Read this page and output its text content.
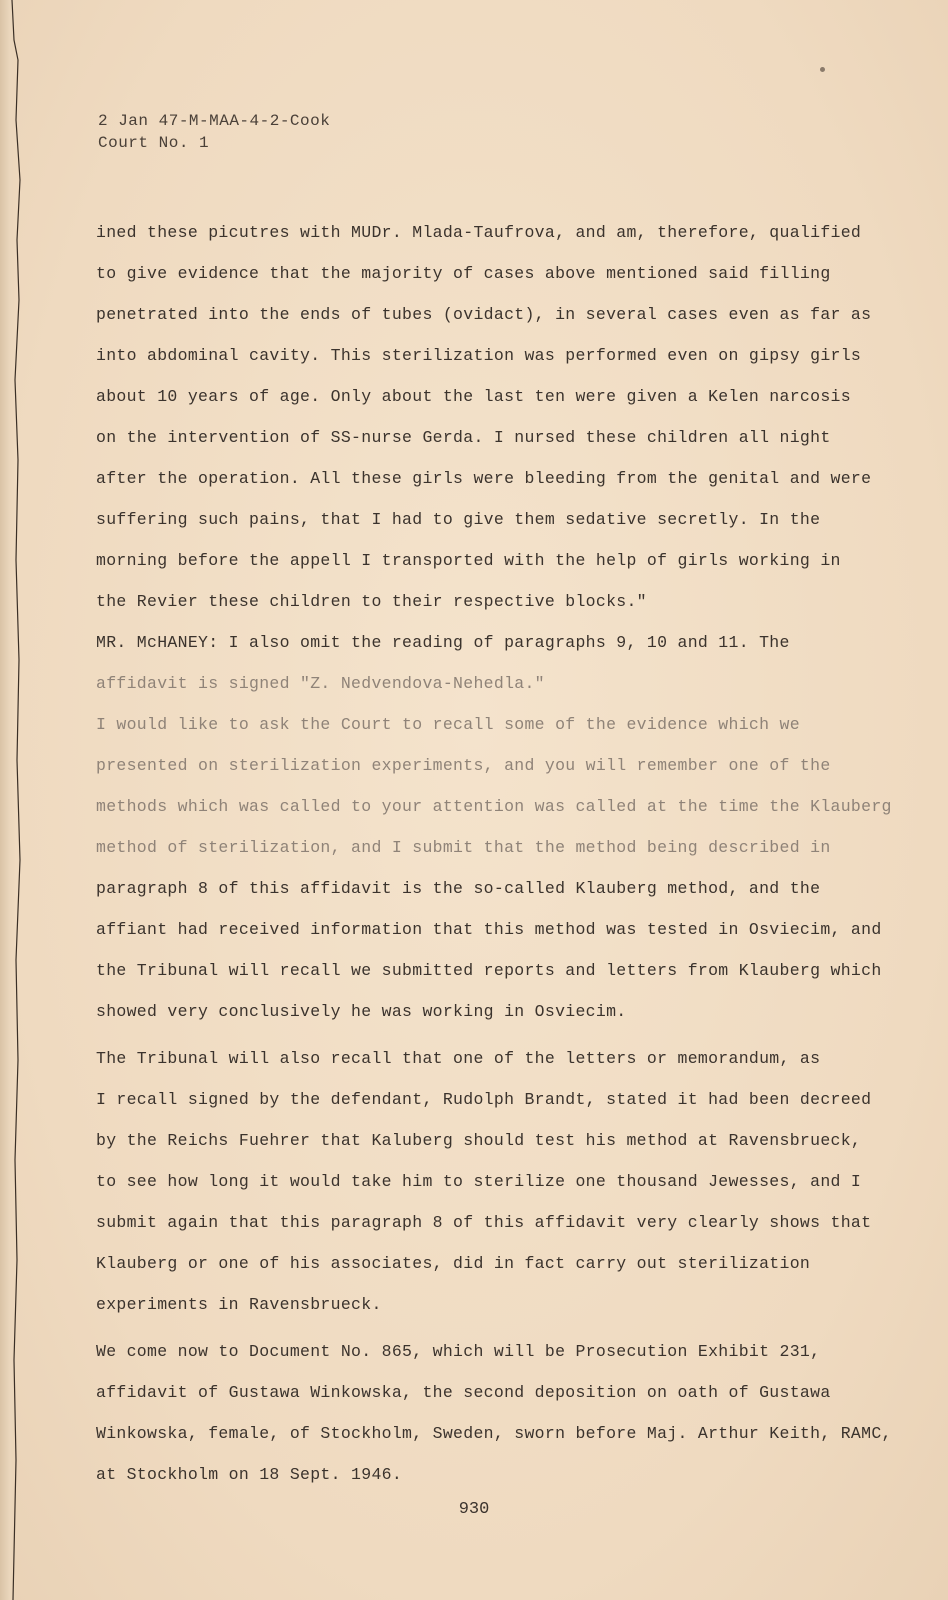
2 Jan 47-M-MAA-4-2-Cook
Court No. 1
ined these picutres with MUDr. Mlada-Taufrova, and am, therefore, qualified
to give evidence that the majority of cases above mentioned said filling
penetrated into the ends of tubes (ovidact), in several cases even as far as
into abdominal cavity. This sterilization was performed even on gipsy girls
about 10 years of age. Only about the last ten were given a Kelen narcosis
on the intervention of SS-nurse Gerda. I nursed these children all night
after the operation. All these girls were bleeding from the genital and were
suffering such pains, that I had to give them sedative secretly. In the
morning before the appell I transported with the help of girls working in
the Revier these children to their respective blocks."
MR. McHANEY: I also omit the reading of paragraphs 9, 10 and 11. The
affidavit is signed "Z. Nedvendova-Nehedla."
I would like to ask the Court to recall some of the evidence which we
presented on sterilization experiments, and you will remember one of the
methods which was called to your attention was called at the time the Klauberg
method of sterilization, and I submit that the method being described in
paragraph 8 of this affidavit is the so-called Klauberg method, and the
affiant had received information that this method was tested in Osviecim, and
the Tribunal will recall we submitted reports and letters from Klauberg which
showed very conclusively he was working in Osviecim.
The Tribunal will also recall that one of the letters or memorandum, as
I recall signed by the defendant, Rudolph Brandt, stated it had been decreed
by the Reichs Fuehrer that Kaluberg should test his method at Ravensbrueck,
to see how long it would take him to sterilize one thousand Jewesses, and I
submit again that this paragraph 8 of this affidavit very clearly shows that
Klauberg or one of his associates, did in fact carry out sterilization
experiments in Ravensbrueck.
We come now to Document No. 865, which will be Prosecution Exhibit 231,
affidavit of Gustawa Winkowska, the second deposition on oath of Gustawa
Winkowska, female, of Stockholm, Sweden, sworn before Maj. Arthur Keith, RAMC,
at Stockholm on 18 Sept. 1946.
930
